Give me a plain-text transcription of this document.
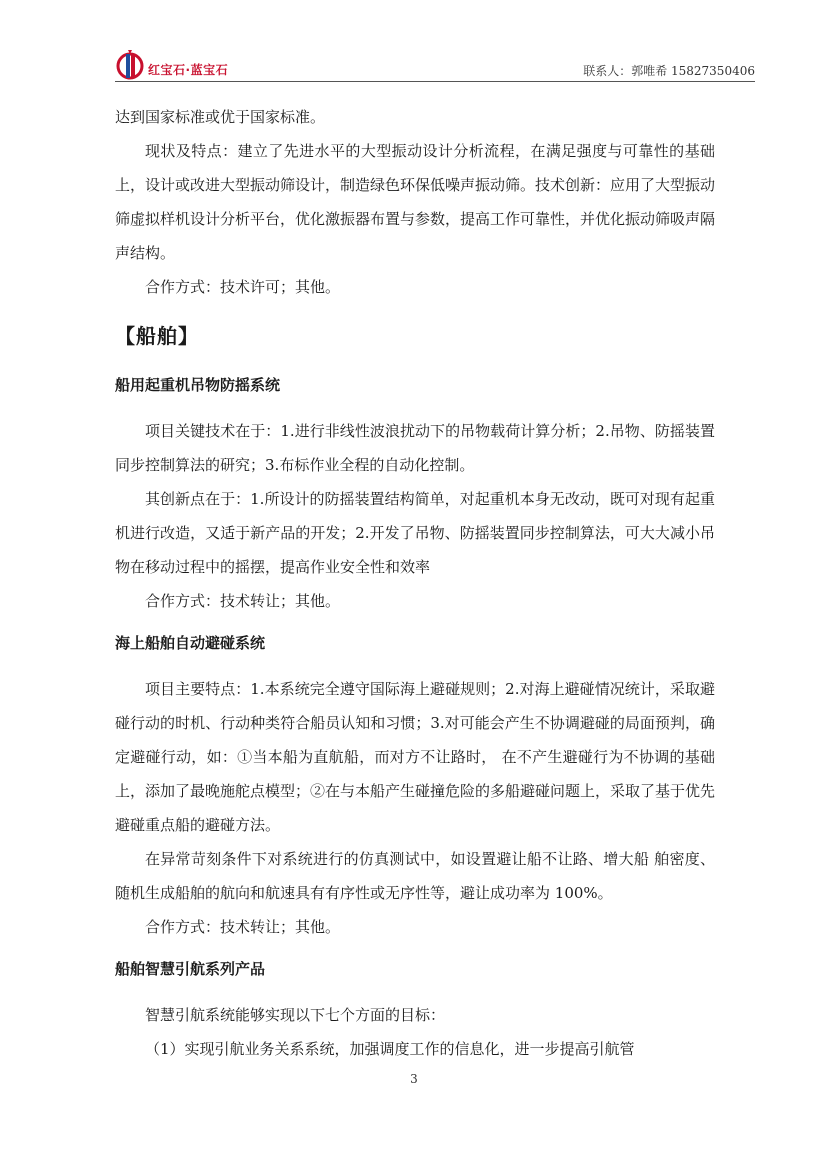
红宝石·蓝宝石	联系人：郭唯希 15827350406

达到国家标准或优于国家标准。

现状及特点：建立了先进水平的大型振动设计分析流程，在满足强度与可靠性的基础上，设计或改进大型振动筛设计，制造绿色环保低噪声振动筛。技术创新：应用了大型振动筛虚拟样机设计分析平台，优化激振器布置与参数，提高工作可靠性，并优化振动筛吸声隔声结构。

合作方式：技术许可；其他。

【船舶】
船用起重机吊物防摇系统

项目关键技术在于：1.进行非线性波浪扰动下的吊物载荷计算分析；2.吊物、防摇装置同步控制算法的研究；3.布标作业全程的自动化控制。

其创新点在于：1.所设计的防摇装置结构简单，对起重机本身无改动，既可对现有起重机进行改造，又适于新产品的开发；2.开发了吊物、防摇装置同步控制算法，可大大减小吊物在移动过程中的摇摆，提高作业安全性和效率

合作方式：技术转让；其他。

海上船舶自动避碰系统

项目主要特点：1.本系统完全遵守国际海上避碰规则；2.对海上避碰情况统计，采取避碰行动的时机、行动种类符合船员认知和习惯；3.对可能会产生不协调避碰的局面预判，确定避碰行动，如：①当本船为直航船，而对方不让路时， 在不产生避碰行为不协调的基础上，添加了最晚施舵点模型；②在与本船产生碰撞危险的多船避碰问题上，采取了基于优先避碰重点船的避碰方法。

在异常苛刻条件下对系统进行的仿真测试中，如设置避让船不让路、增大船 舶密度、随机生成船舶的航向和航速具有有序性或无序性等，避让成功率为 100%。

合作方式：技术转让；其他。

船舶智慧引航系列产品

智慧引航系统能够实现以下七个方面的目标：

（1）实现引航业务关系系统，加强调度工作的信息化，进一步提高引航管

3
